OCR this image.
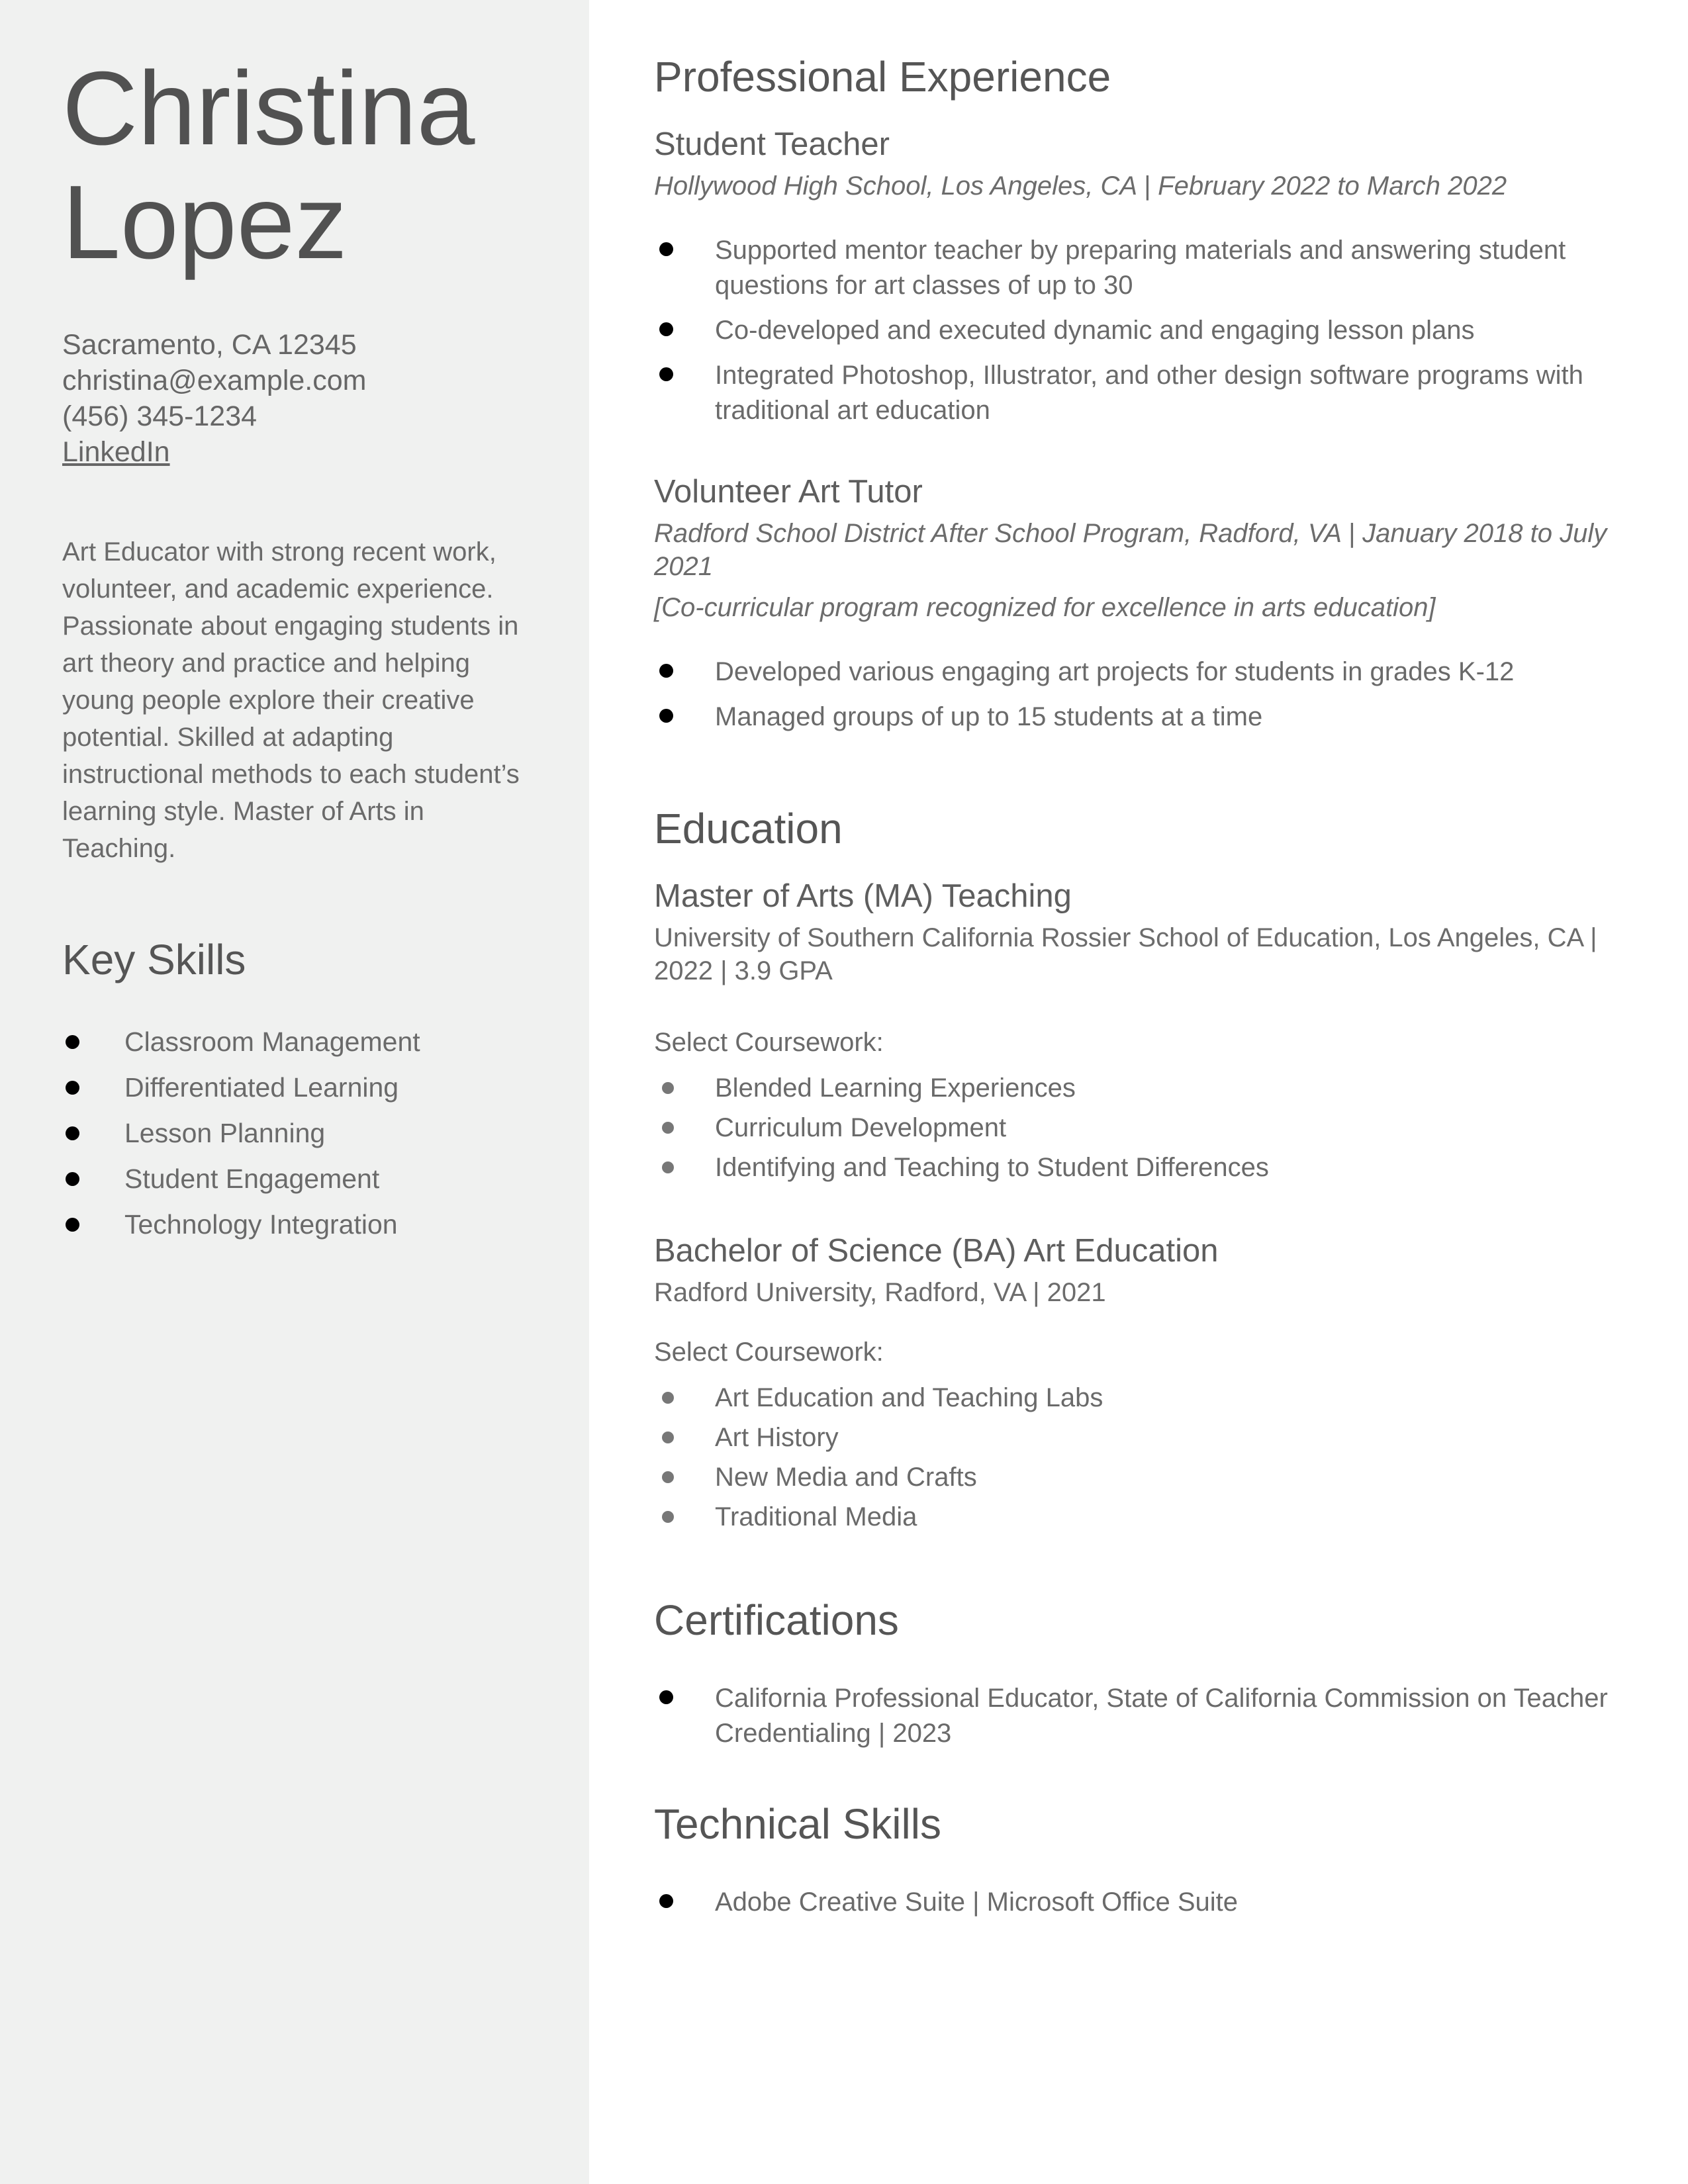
Christina
Lopez
Sacramento, CA 12345
christina@example.com
(456) 345-1234
LinkedIn
Art Educator with strong recent work, volunteer, and academic experience. Passionate about engaging students in art theory and practice and helping young people explore their creative potential. Skilled at adapting instructional methods to each student’s learning style. Master of Arts in Teaching.
Key Skills
Classroom Management
Differentiated Learning
Lesson Planning
Student Engagement
Technology Integration
Professional Experience
Student Teacher
Hollywood High School, Los Angeles, CA | February 2022 to March 2022
Supported mentor teacher by preparing materials and answering student questions for art classes of up to 30
Co-developed and executed dynamic and engaging lesson plans
Integrated Photoshop, Illustrator, and other design software programs with traditional art education
Volunteer Art Tutor
Radford School District After School Program, Radford, VA | January 2018 to July 2021
[Co-curricular program recognized for excellence in arts education]
Developed various engaging art projects for students in grades K-12
Managed groups of up to 15 students at a time
Education
Master of Arts (MA) Teaching
University of Southern California Rossier School of Education, Los Angeles, CA | 2022 | 3.9 GPA
Select Coursework:
Blended Learning Experiences
Curriculum Development
Identifying and Teaching to Student Differences
Bachelor of Science (BA) Art Education
Radford University, Radford, VA | 2021
Select Coursework:
Art Education and Teaching Labs
Art History
New Media and Crafts
Traditional Media
Certifications
California Professional Educator, State of California Commission on Teacher Credentialing | 2023
Technical Skills
Adobe Creative Suite | Microsoft Office Suite
